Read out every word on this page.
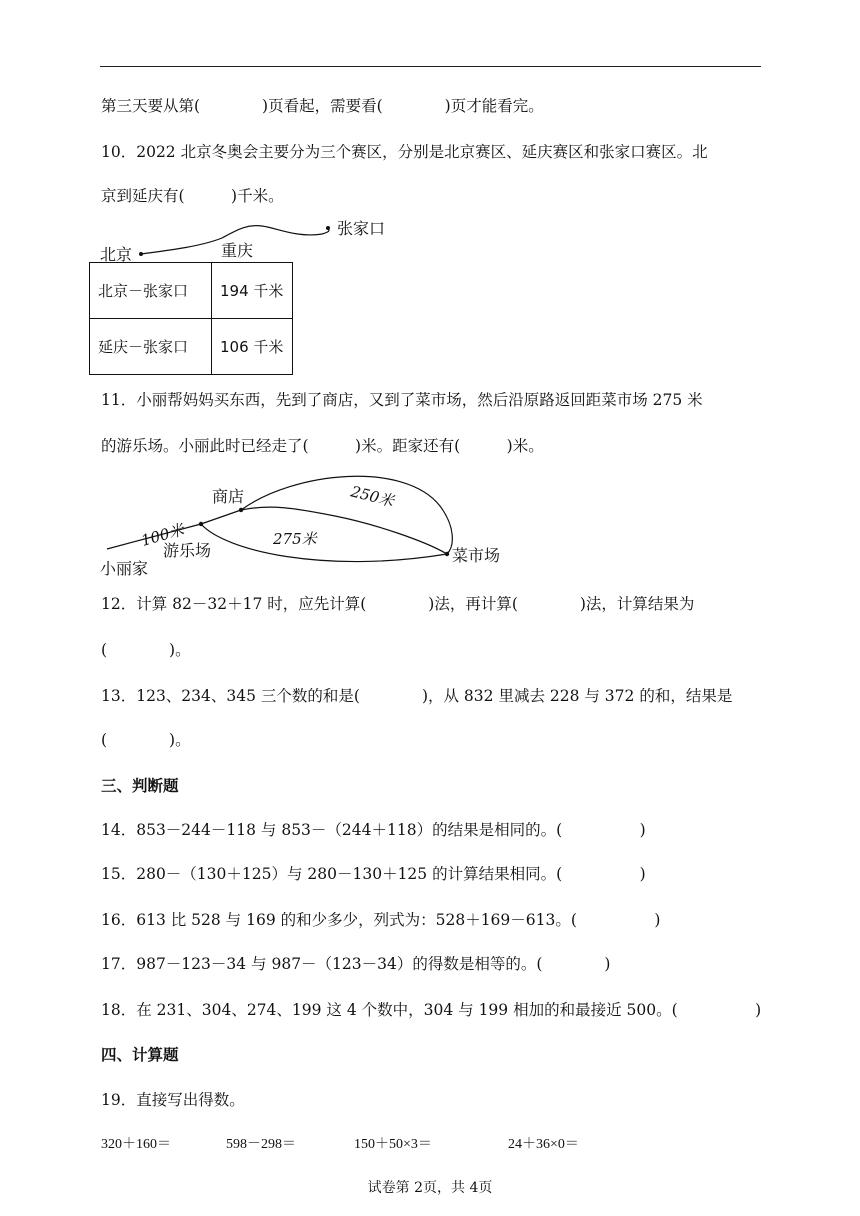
第三天要从第(　　　　)页看起，需要看(　　　　)页才能看完。
10．2022 北京冬奥会主要分为三个赛区，分别是北京赛区、延庆赛区和张家口赛区。北
京到延庆有(　　　)千米。
北京	重庆
张家口
北京－张家口	194 千米
延庆－张家口	106 千米
11．小丽帮妈妈买东西，先到了商店，又到了菜市场，然后沿原路返回距菜市场 275 米
的游乐场。小丽此时已经走了(　　　)米。距家还有(　　　)米。
商店
游乐场
小丽家
菜市场
100米
250米
275米
12．计算 82－32＋17 时，应先计算(　　　　)法，再计算(　　　　)法，计算结果为
(　　　　)。
13．123、234、345 三个数的和是(　　　　)，从 832 里减去 228 与 372 的和，结果是
(　　　　)。
三、判断题
14．853－244－118 与 853－（244＋118）的结果是相同的。(　　　　　)
15．280－（130＋125）与 280－130＋125 的计算结果相同。(　　　　　)
16．613 比 528 与 169 的和少多少，列式为：528＋169－613。(　　　　　)
17．987－123－34 与 987－（123－34）的得数是相等的。(　　　　)
18．在 231、304、274、199 这 4 个数中，304 与 199 相加的和最接近 500。(　　　　　)
四、计算题
19．直接写出得数。
320＋160＝	598－298＝	150＋50×3＝	24＋36×0＝
试卷第 2页，共 4页
